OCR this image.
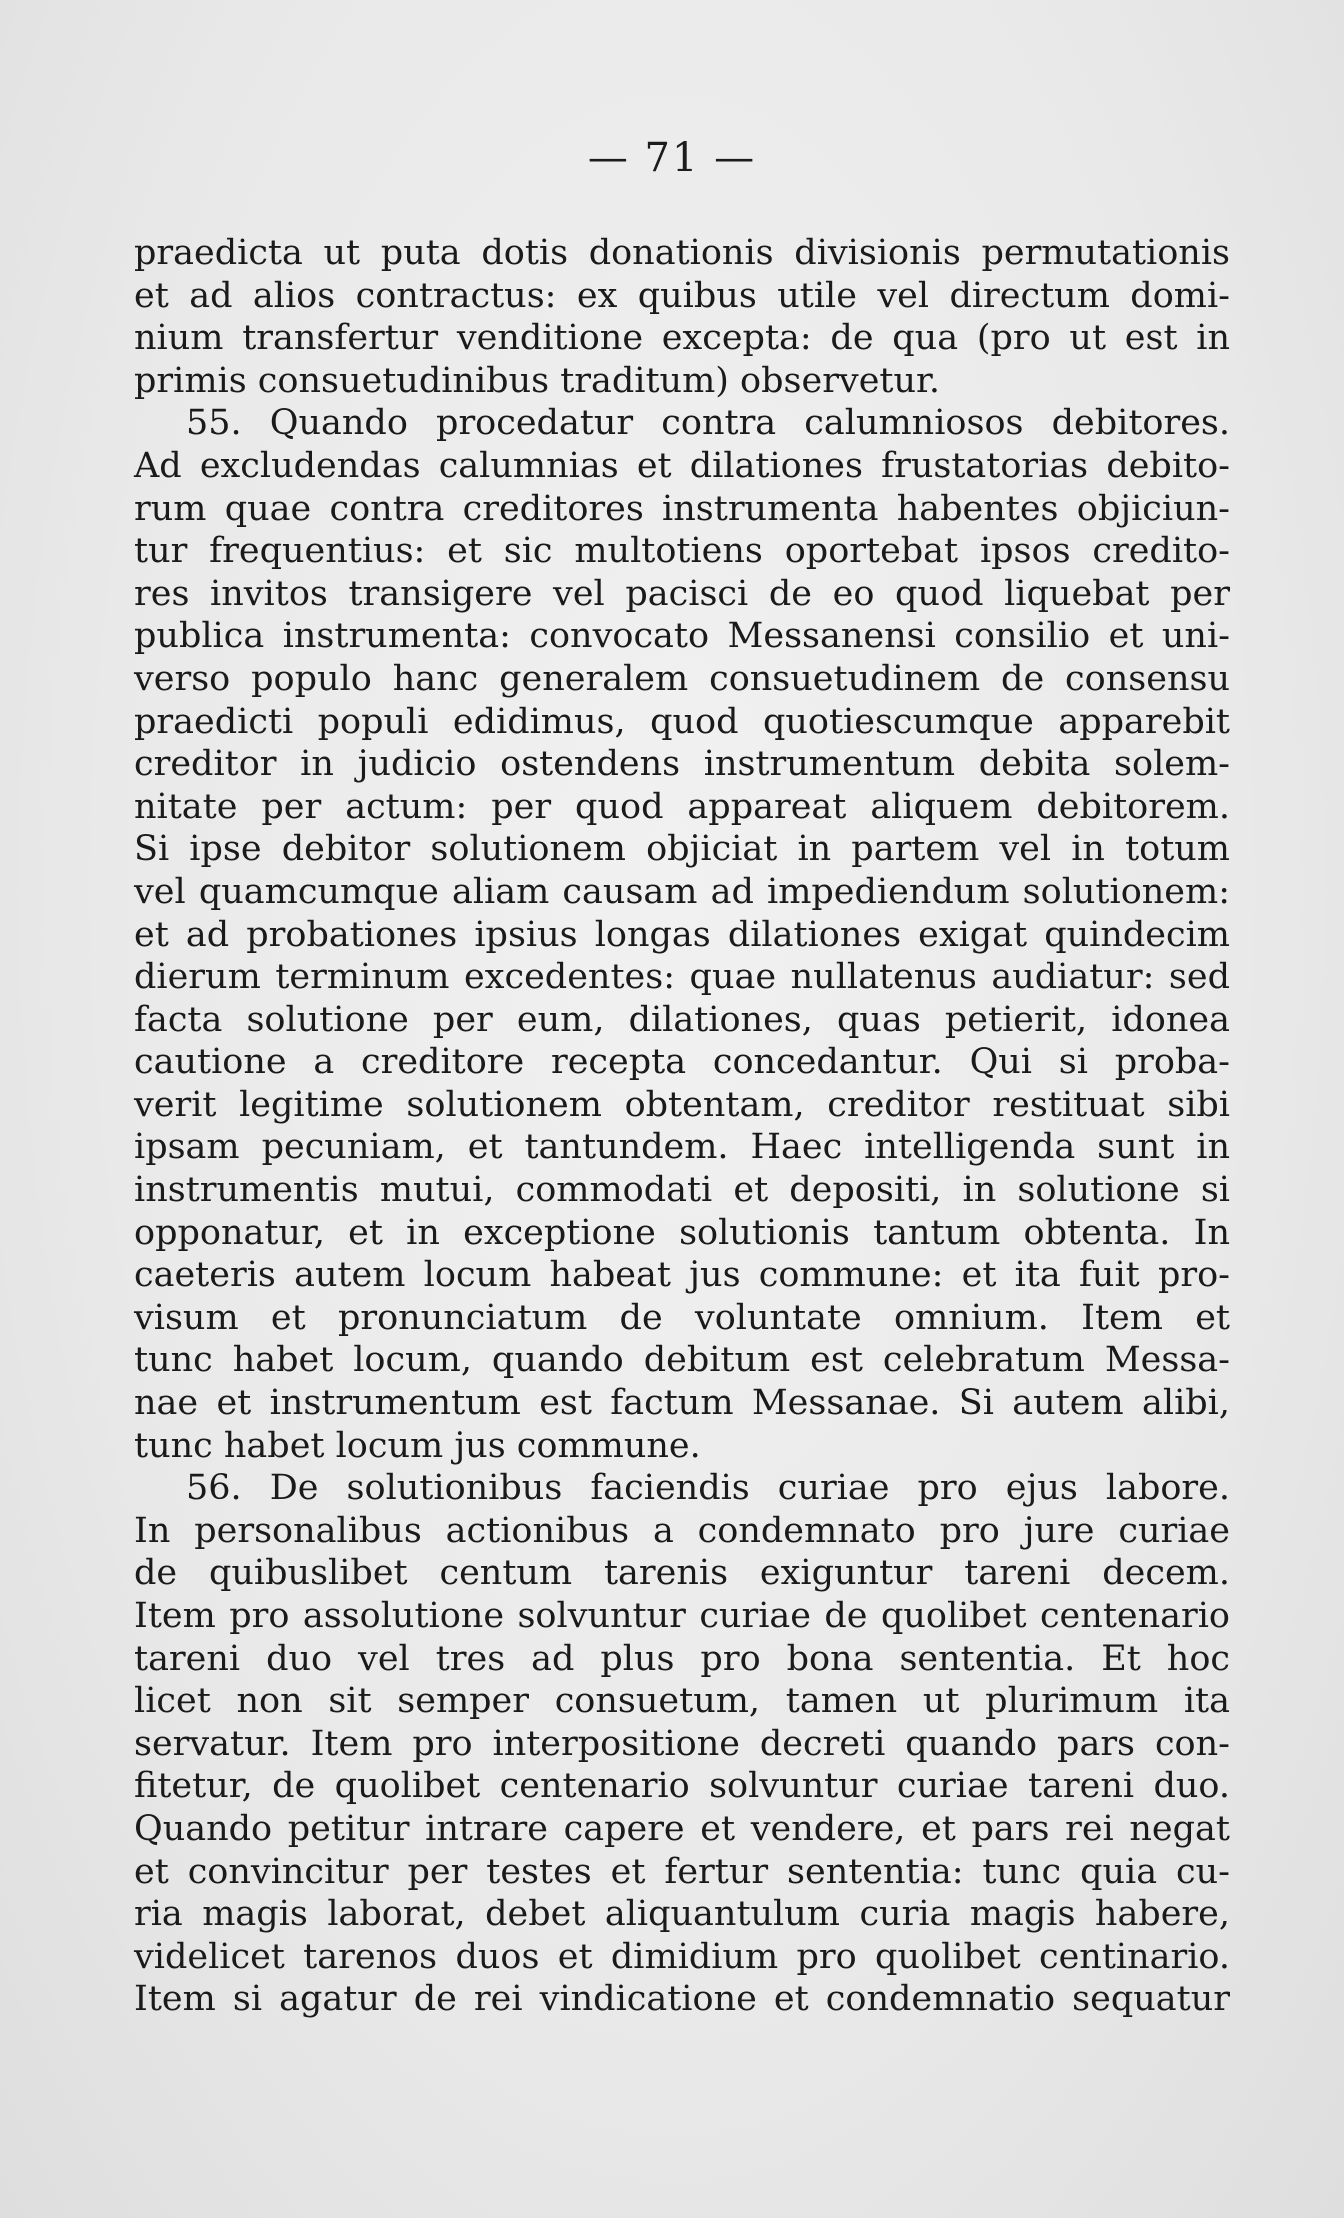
— 71 —
praedicta ut puta dotis donationis divisionis permutationis
et ad alios contractus: ex quibus utile vel directum domi-
nium transfertur venditione excepta: de qua (pro ut est in
primis consuetudinibus traditum) observetur.
55. Quando procedatur contra calumniosos debitores.
Ad excludendas calumnias et dilationes frustatorias debito-
rum quae contra creditores instrumenta habentes objiciun-
tur frequentius: et sic multotiens oportebat ipsos credito-
res invitos transigere vel pacisci de eo quod liquebat per
publica instrumenta: convocato Messanensi consilio et uni-
verso populo hanc generalem consuetudinem de consensu
praedicti populi edidimus, quod quotiescumque apparebit
creditor in judicio ostendens instrumentum debita solem-
nitate per actum: per quod appareat aliquem debitorem.
Si ipse debitor solutionem objiciat in partem vel in totum
vel quamcumque aliam causam ad impediendum solutionem:
et ad probationes ipsius longas dilationes exigat quindecim
dierum terminum excedentes: quae nullatenus audiatur: sed
facta solutione per eum, dilationes, quas petierit, idonea
cautione a creditore recepta concedantur. Qui si proba-
verit legitime solutionem obtentam, creditor restituat sibi
ipsam pecuniam, et tantundem. Haec intelligenda sunt in
instrumentis mutui, commodati et depositi, in solutione si
opponatur, et in exceptione solutionis tantum obtenta. In
caeteris autem locum habeat jus commune: et ita fuit pro-
visum et pronunciatum de voluntate omnium. Item et
tunc habet locum, quando debitum est celebratum Messa-
nae et instrumentum est factum Messanae. Si autem alibi,
tunc habet locum jus commune.
56. De solutionibus faciendis curiae pro ejus labore.
In personalibus actionibus a condemnato pro jure curiae
de quibuslibet centum tarenis exiguntur tareni decem.
Item pro assolutione solvuntur curiae de quolibet centenario
tareni duo vel tres ad plus pro bona sententia. Et hoc
licet non sit semper consuetum, tamen ut plurimum ita
servatur. Item pro interpositione decreti quando pars con-
fitetur, de quolibet centenario solvuntur curiae tareni duo.
Quando petitur intrare capere et vendere, et pars rei negat
et convincitur per testes et fertur sententia: tunc quia cu-
ria magis laborat, debet aliquantulum curia magis habere,
videlicet tarenos duos et dimidium pro quolibet centinario.
Item si agatur de rei vindicatione et condemnatio sequatur
